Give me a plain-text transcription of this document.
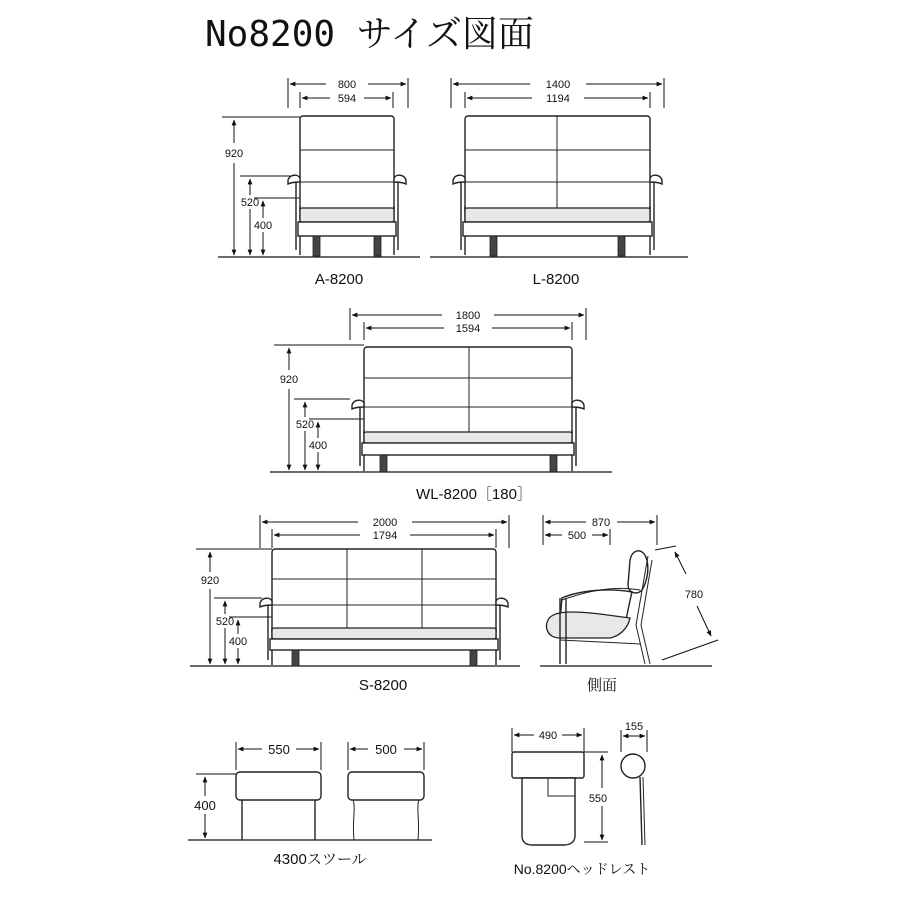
No8200 サイズ図面
800
594
920
520
400
A-8200
1400
1194
L-8200
1800
1594
920
520
400
WL-8200［180］
2000
1794
920
520
400
S-8200
870
500
780
側面
550	500
400
4300スツール
490
550
155
No.8200ヘッドレスト
